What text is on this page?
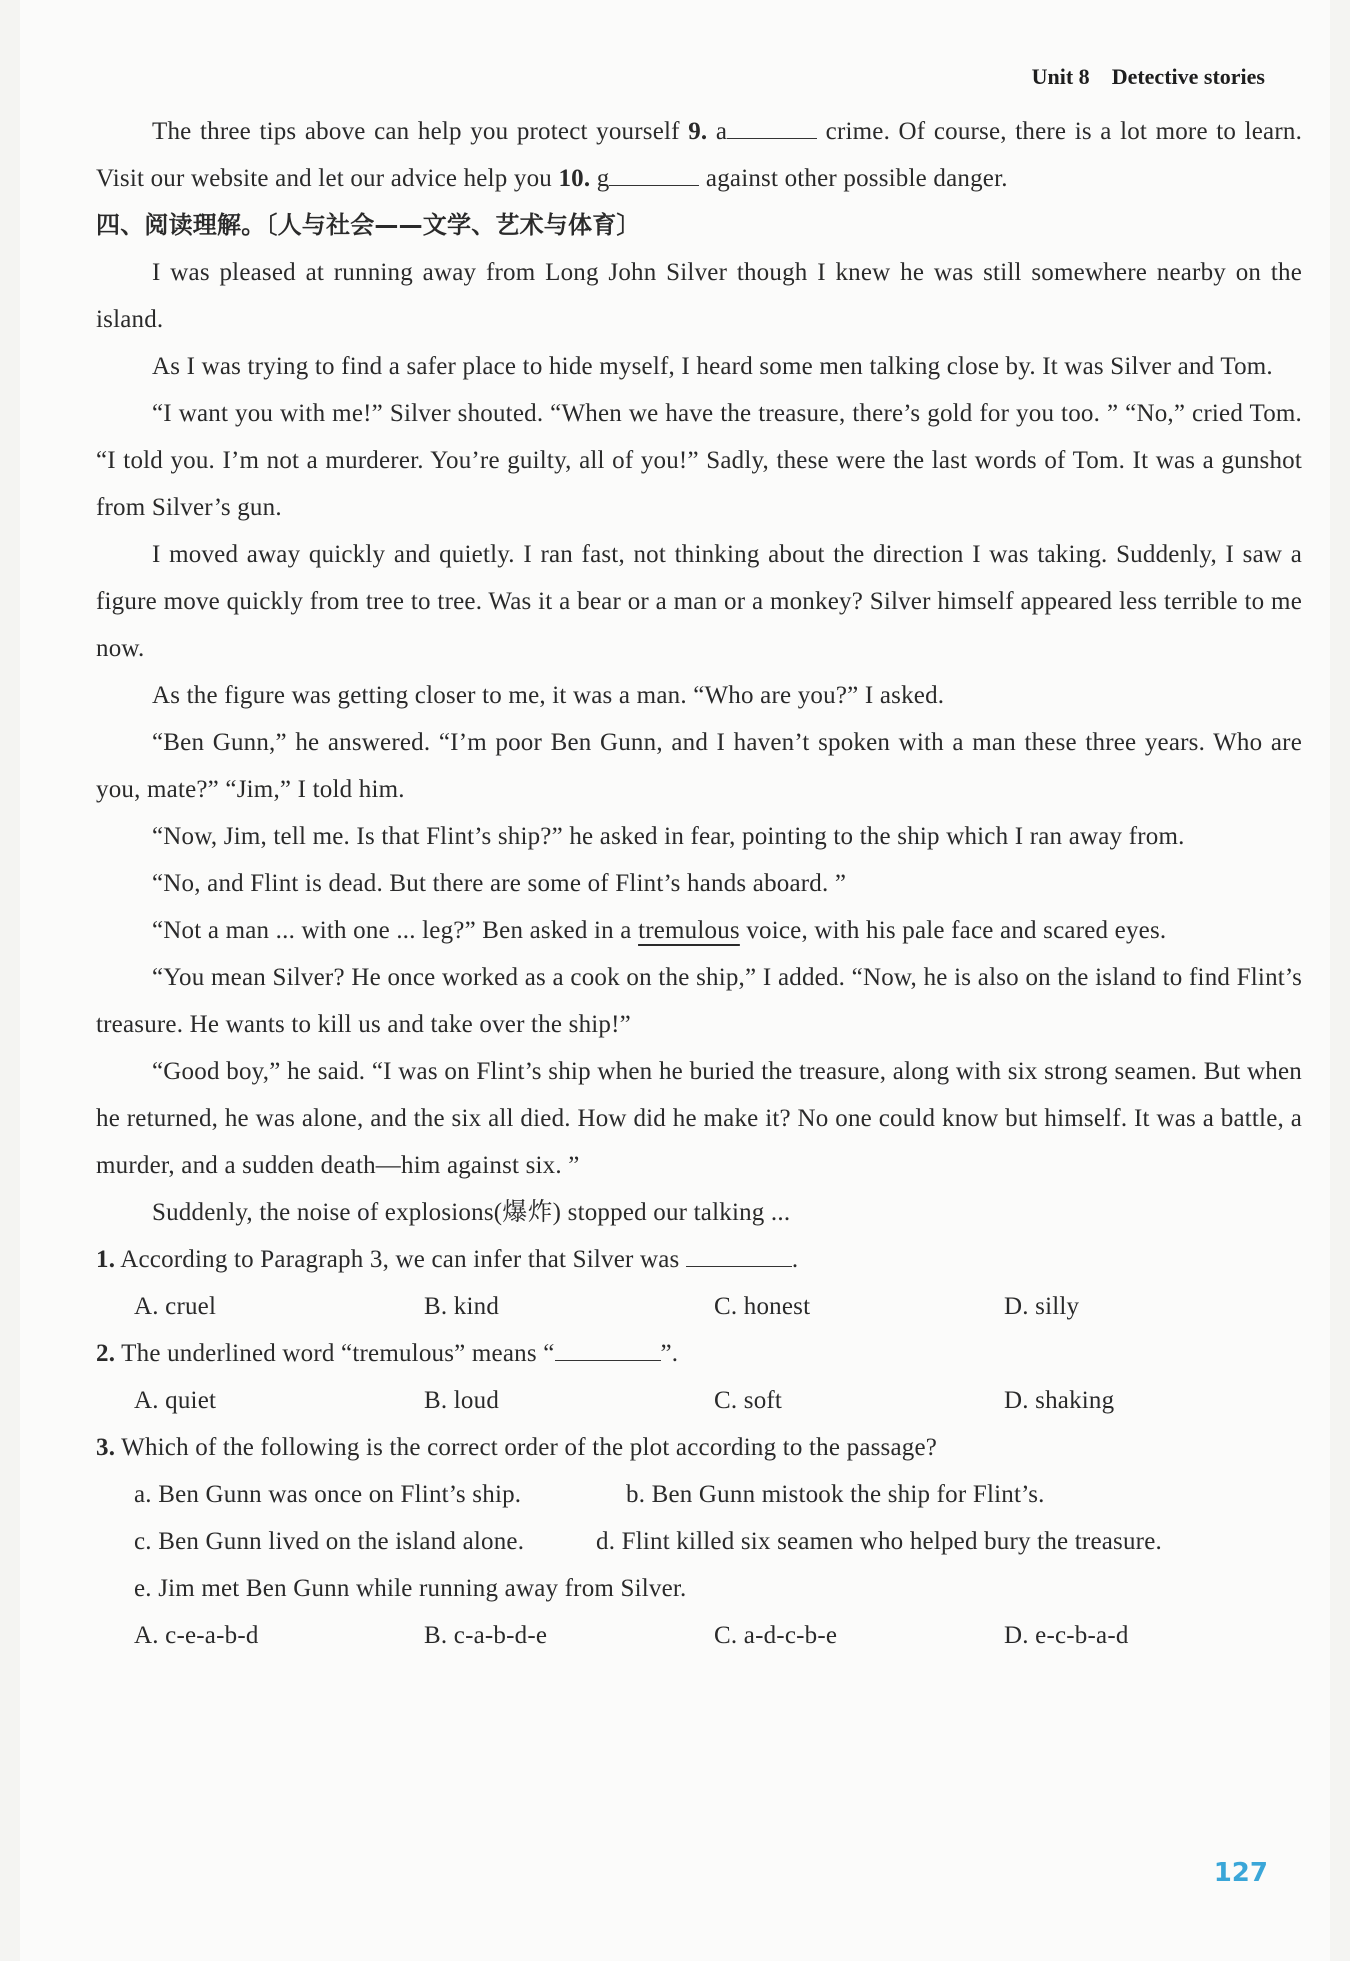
Unit 8 Detective stories

The three tips above can help you protect yourself 9. a	crime. Of course, there is a lot more to learn. Visit our website and let our advice help you 10. g	against other possible danger.

四、阅读理解。〔人与社会——文学、艺术与体育〕

I was pleased at running away from Long John Silver though I knew he was still somewhere nearby on the island.

As I was trying to find a safer place to hide myself, I heard some men talking close by. It was Silver and Tom.

“I want you with me!” Silver shouted. “When we have the treasure, there’s gold for you too. ” “No,” cried Tom. “I told you. I’m not a murderer. You’re guilty, all of you!” Sadly, these were the last words of Tom. It was a gunshot from Silver’s gun.

I moved away quickly and quietly. I ran fast, not thinking about the direction I was taking. Suddenly, I saw a figure move quickly from tree to tree. Was it a bear or a man or a monkey? Silver himself appeared less terrible to me now.

As the figure was getting closer to me, it was a man. “Who are you?” I asked.

“Ben Gunn,” he answered. “I’m poor Ben Gunn, and I haven’t spoken with a man these three years. Who are you, mate?” “Jim,” I told him.

“Now, Jim, tell me. Is that Flint’s ship?” he asked in fear, pointing to the ship which I ran away from.

“No, and Flint is dead. But there are some of Flint’s hands aboard. ”

“Not a man ... with one ... leg?” Ben asked in a tremulous voice, with his pale face and scared eyes.

“You mean Silver? He once worked as a cook on the ship,” I added. “Now, he is also on the island to find Flint’s treasure. He wants to kill us and take over the ship!”

“Good boy,” he said. “I was on Flint’s ship when he buried the treasure, along with six strong seamen. But when he returned, he was alone, and the six all died. How did he make it? No one could know but himself. It was a battle, a murder, and a sudden death—him against six. ”

Suddenly, the noise of explosions(爆炸) stopped our talking ...

1. According to Paragraph 3, we can infer that Silver was	.

A. cruel	B. kind	C. honest	D. silly

2. The underlined word “tremulous” means “	”.

A. quiet	B. loud	C. soft	D. shaking

3. Which of the following is the correct order of the plot according to the passage?

a. Ben Gunn was once on Flint’s ship.	b. Ben Gunn mistook the ship for Flint’s.
c. Ben Gunn lived on the island alone.	d. Flint killed six seamen who helped bury the treasure.
e. Jim met Ben Gunn while running away from Silver.
A. c-e-a-b-d	B. c-a-b-d-e	C. a-d-c-b-e	D. e-c-b-a-d
127
